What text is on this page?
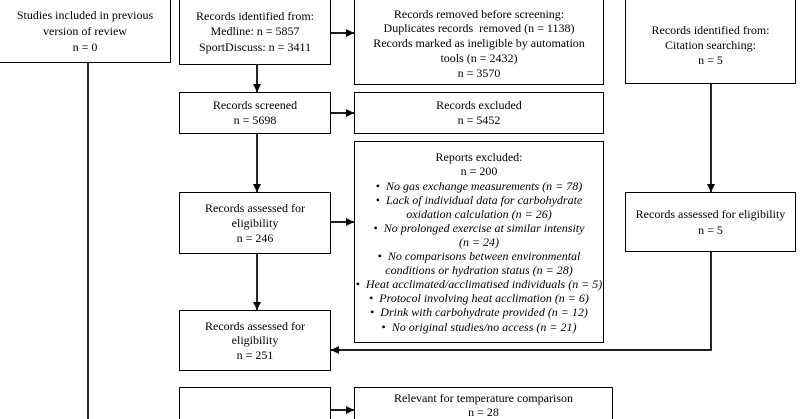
Studies included in previous
version of review
n = 0
Records identified from:
Medline: n = 5857
SportDiscuss: n = 3411
Records removed before screening:
Duplicates records  removed (n = 1138)
Records marked as ineligible by automation
tools (n = 2432)
n = 3570
Records identified from:
Citation searching:
n = 5
Records screened
n = 5698
Records excluded
n = 5452
Records assessed for
eligibility
n = 246
Reports excluded:
n = 200
• No gas exchange measurements (n = 78)
• Lack of individual data for carbohydrate
oxidation calculation (n = 26)
• No prolonged exercise at similar intensity
(n = 24)
• No comparisons between environmental
conditions or hydration status (n = 28)
• Heat acclimated/acclimatised individuals (n = 5)
• Protocol involving heat acclimation (n = 6)
• Drink with carbohydrate provided (n = 12)
• No original studies/no access (n = 21)
Records assessed for eligibility
n = 5
Records assessed for
eligibility
n = 251
Relevant for temperature comparison
n = 28
